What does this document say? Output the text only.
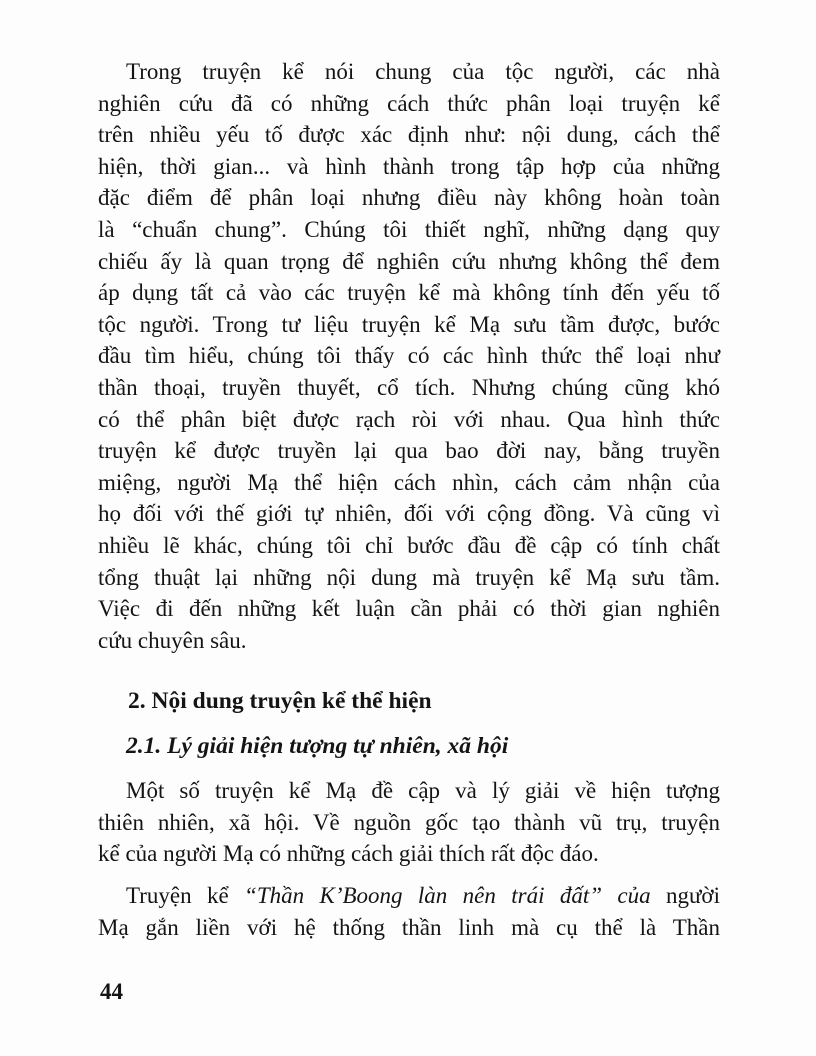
Trong truyện kể nói chung của tộc người, các nhà
nghiên cứu đã có những cách thức phân loại truyện kể
trên nhiều yếu tố được xác định như: nội dung, cách thể
hiện, thời gian... và hình thành trong tập hợp của những
đặc điểm để phân loại nhưng điều này không hoàn toàn
là “chuẩn chung”. Chúng tôi thiết nghĩ, những dạng quy
chiếu ấy là quan trọng để nghiên cứu nhưng không thể đem
áp dụng tất cả vào các truyện kể mà không tính đến yếu tố
tộc người. Trong tư liệu truyện kể Mạ sưu tầm được, bước
đầu tìm hiểu, chúng tôi thấy có các hình thức thể loại như
thần thoại, truyền thuyết, cổ tích. Nhưng chúng cũng khó
có thể phân biệt được rạch ròi với nhau. Qua hình thức
truyện kể được truyền lại qua bao đời nay, bằng truyền
miệng, người Mạ thể hiện cách nhìn, cách cảm nhận của
họ đối với thế giới tự nhiên, đối với cộng đồng. Và cũng vì
nhiều lẽ khác, chúng tôi chỉ bước đầu đề cập có tính chất
tổng thuật lại những nội dung mà truyện kể Mạ sưu tầm.
Việc đi đến những kết luận cần phải có thời gian nghiên
cứu chuyên sâu.
2. Nội dung truyện kể thể hiện
2.1. Lý giải hiện tượng tự nhiên, xã hội
Một số truyện kể Mạ đề cập và lý giải về hiện tượng
thiên nhiên, xã hội. Về nguồn gốc tạo thành vũ trụ, truyện
kể của người Mạ có những cách giải thích rất độc đáo.
Truyện kể “Thần K’Boong làn nên trái đất” của người
Mạ gắn liền với hệ thống thần linh mà cụ thể là Thần
44
